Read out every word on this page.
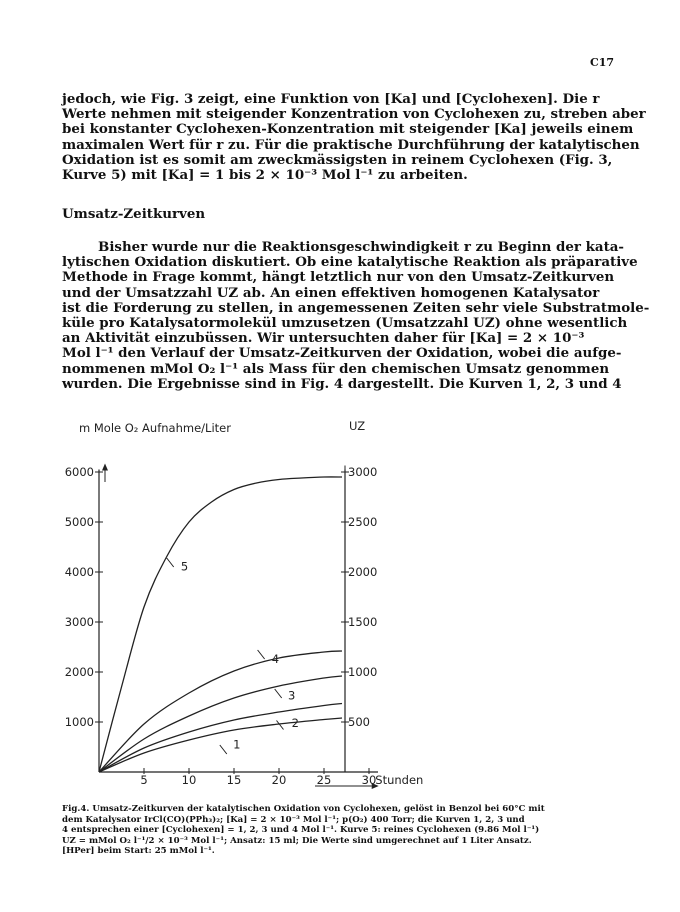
C17
jedoch, wie Fig. 3 zeigt, eine Funktion von [Ka] und [Cyclohexen]. Die r
Werte nehmen mit steigender Konzentration von Cyclohexen zu, streben aber
bei konstanter Cyclohexen-Konzentration mit steigender [Ka] jeweils einem
maximalen Wert für r zu. Für die praktische Durchführung der katalytischen
Oxidation ist es somit am zweckmässigsten in reinem Cyclohexen (Fig. 3,
Kurve 5) mit [Ka] = 1 bis 2 × 10⁻³ Mol l⁻¹ zu arbeiten.
Umsatz-Zeitkurven
Bisher wurde nur die Reaktionsgeschwindigkeit r zu Beginn der kata-
lytischen Oxidation diskutiert. Ob eine katalytische Reaktion als präparative
Methode in Frage kommt, hängt letztlich nur von den Umsatz-Zeitkurven
und der Umsatzzahl UZ ab. An einen effektiven homogenen Katalysator
ist die Forderung zu stellen, in angemessenen Zeiten sehr viele Substratmole-
küle pro Katalysatormolekül umzusetzen (Umsatzzahl UZ) ohne wesentlich
an Aktivität einzubüssen. Wir untersuchten daher für [Ka] = 2 × 10⁻³
Mol l⁻¹ den Verlauf der Umsatz-Zeitkurven der Oxidation, wobei die aufge-
nommenen mMol O₂ l⁻¹ als Mass für den chemischen Umsatz genommen
wurden. Die Ergebnisse sind in Fig. 4 dargestellt. Die Kurven 1, 2, 3 und 4
m Mole O₂ Aufnahme/Liter	UZ
Stunden
1000
2000
3000
4000
5000
6000
500
1000
1500
2000
2500
3000
5	10	15	20	25	30
1
2
3
4
5
Fig.4. Umsatz-Zeitkurven der katalytischen Oxidation von Cyclohexen, gelöst in Benzol bei 60°C mit
dem Katalysator IrCl(CO)(PPh₃)₂; [Ka] = 2 × 10⁻³ Mol l⁻¹; p(O₂) 400 Torr; die Kurven 1, 2, 3 und
4 entsprechen einer [Cyclohexen] = 1, 2, 3 und 4 Mol l⁻¹. Kurve 5: reines Cyclohexen (9.86 Mol l⁻¹)
UZ = mMol O₂ l⁻¹/2 × 10⁻³ Mol l⁻¹; Ansatz: 15 ml; Die Werte sind umgerechnet auf 1 Liter Ansatz.
[HPer] beim Start: 25 mMol l⁻¹.
